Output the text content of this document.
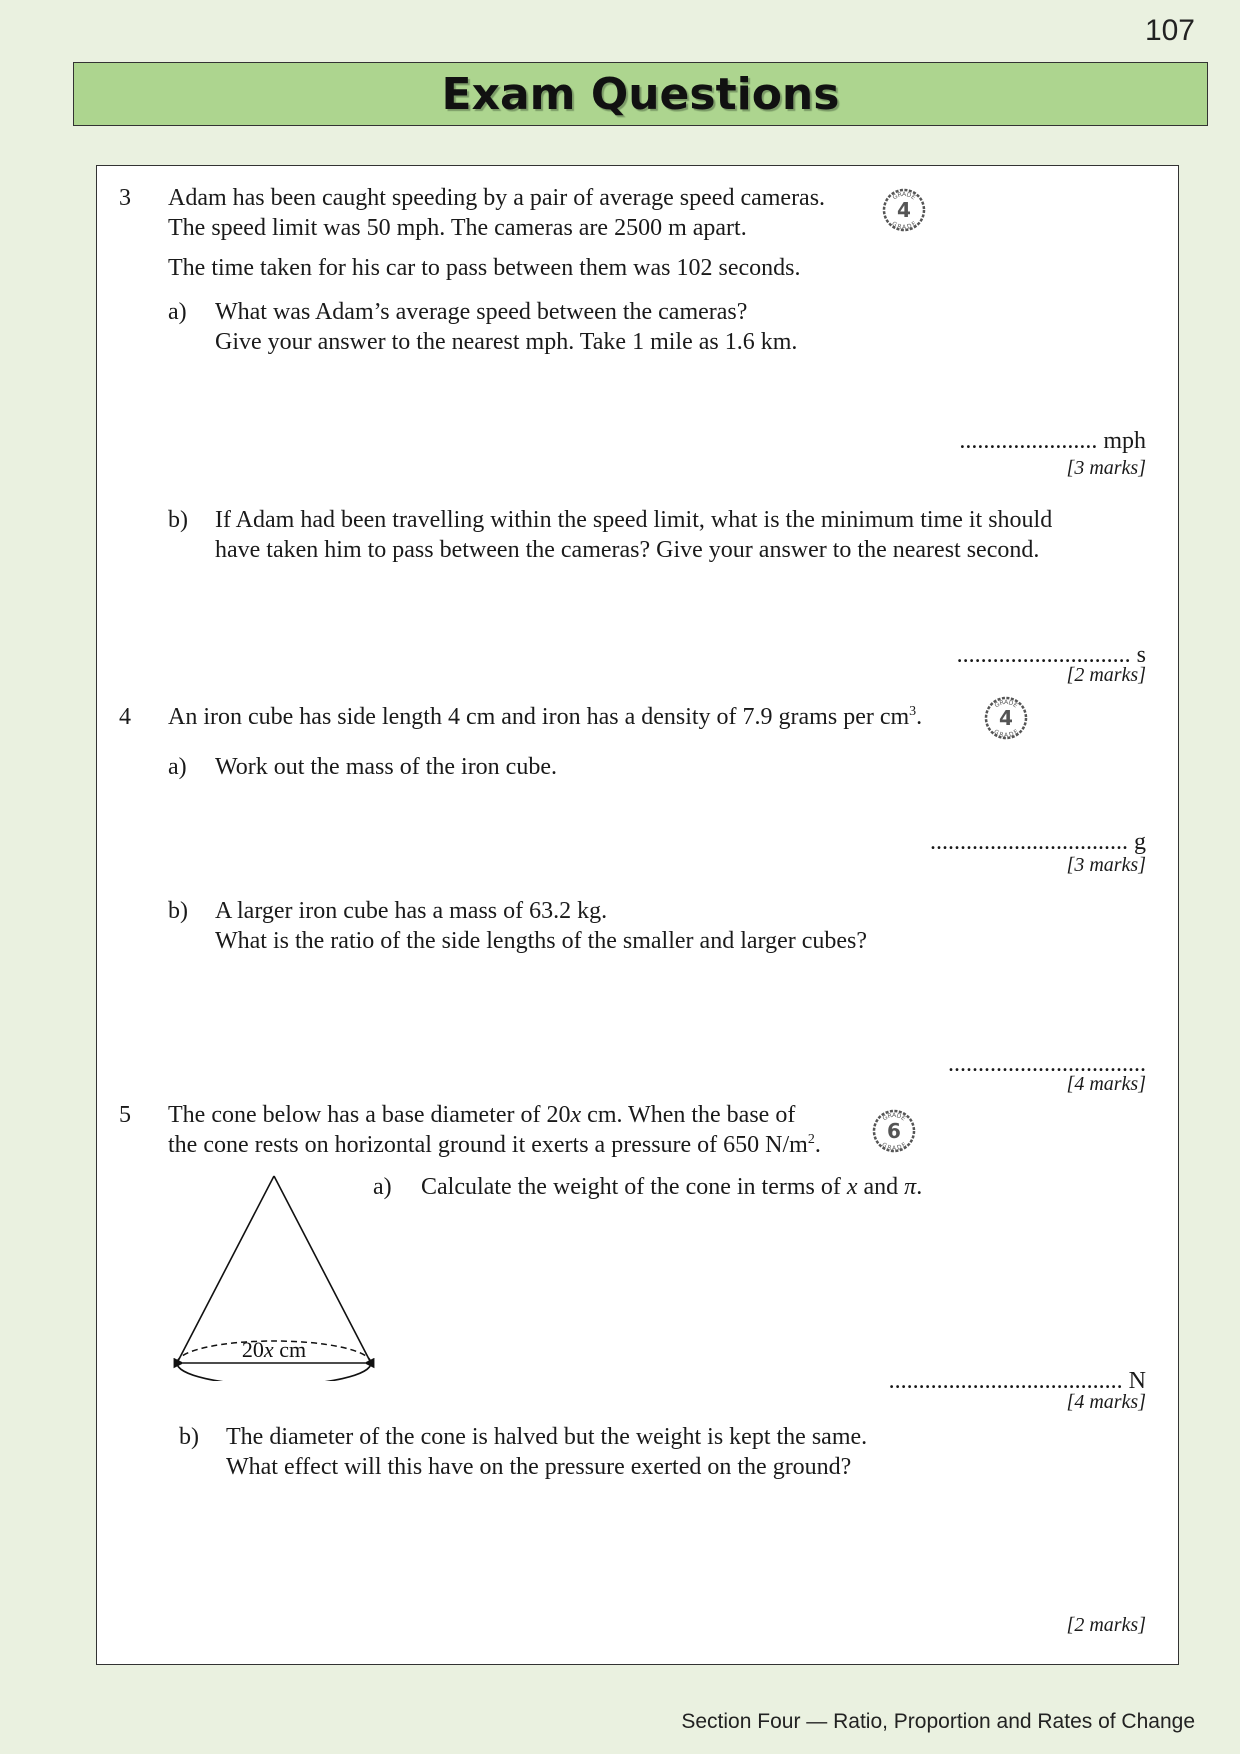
107
Exam Questions
3 Adam has been caught speeding by a pair of average speed cameras.
The speed limit was 50 mph. The cameras are 2500 m apart.
The time taken for his car to pass between them was 102 seconds.
GRADE
GRADE
4
a) What was Adam’s average speed between the cameras?
Give your answer to the nearest mph. Take 1 mile as 1.6 km.
....................... mph
[3 marks]
b) If Adam had been travelling within the speed limit, what is the minimum time it should
have taken him to pass between the cameras? Give your answer to the nearest second.
............................. s
[2 marks]
4 An iron cube has side length 4 cm and iron has a density of 7.9 grams per $cm^3$.	GRADE
GRADE
4
a) Work out the mass of the iron cube.
................................. g
[3 marks]
b) A larger iron cube has a mass of 63.2 kg.
What is the ratio of the side lengths of the smaller and larger cubes?
.................................
[4 marks]
5 The cone below has a base diameter of 20x cm. When the base of
the cone rests on horizontal ground it exerts a pressure of 650 $N/m^2$.
GRADE
GRADE
6
20x cm
a) Calculate the weight of the cone in terms of x and π.
....................................... N
[4 marks]
b) The diameter of the cone is halved but the weight is kept the same.
What effect will this have on the pressure exerted on the ground?
[2 marks]
Section Four — Ratio, Proportion and Rates of Change
